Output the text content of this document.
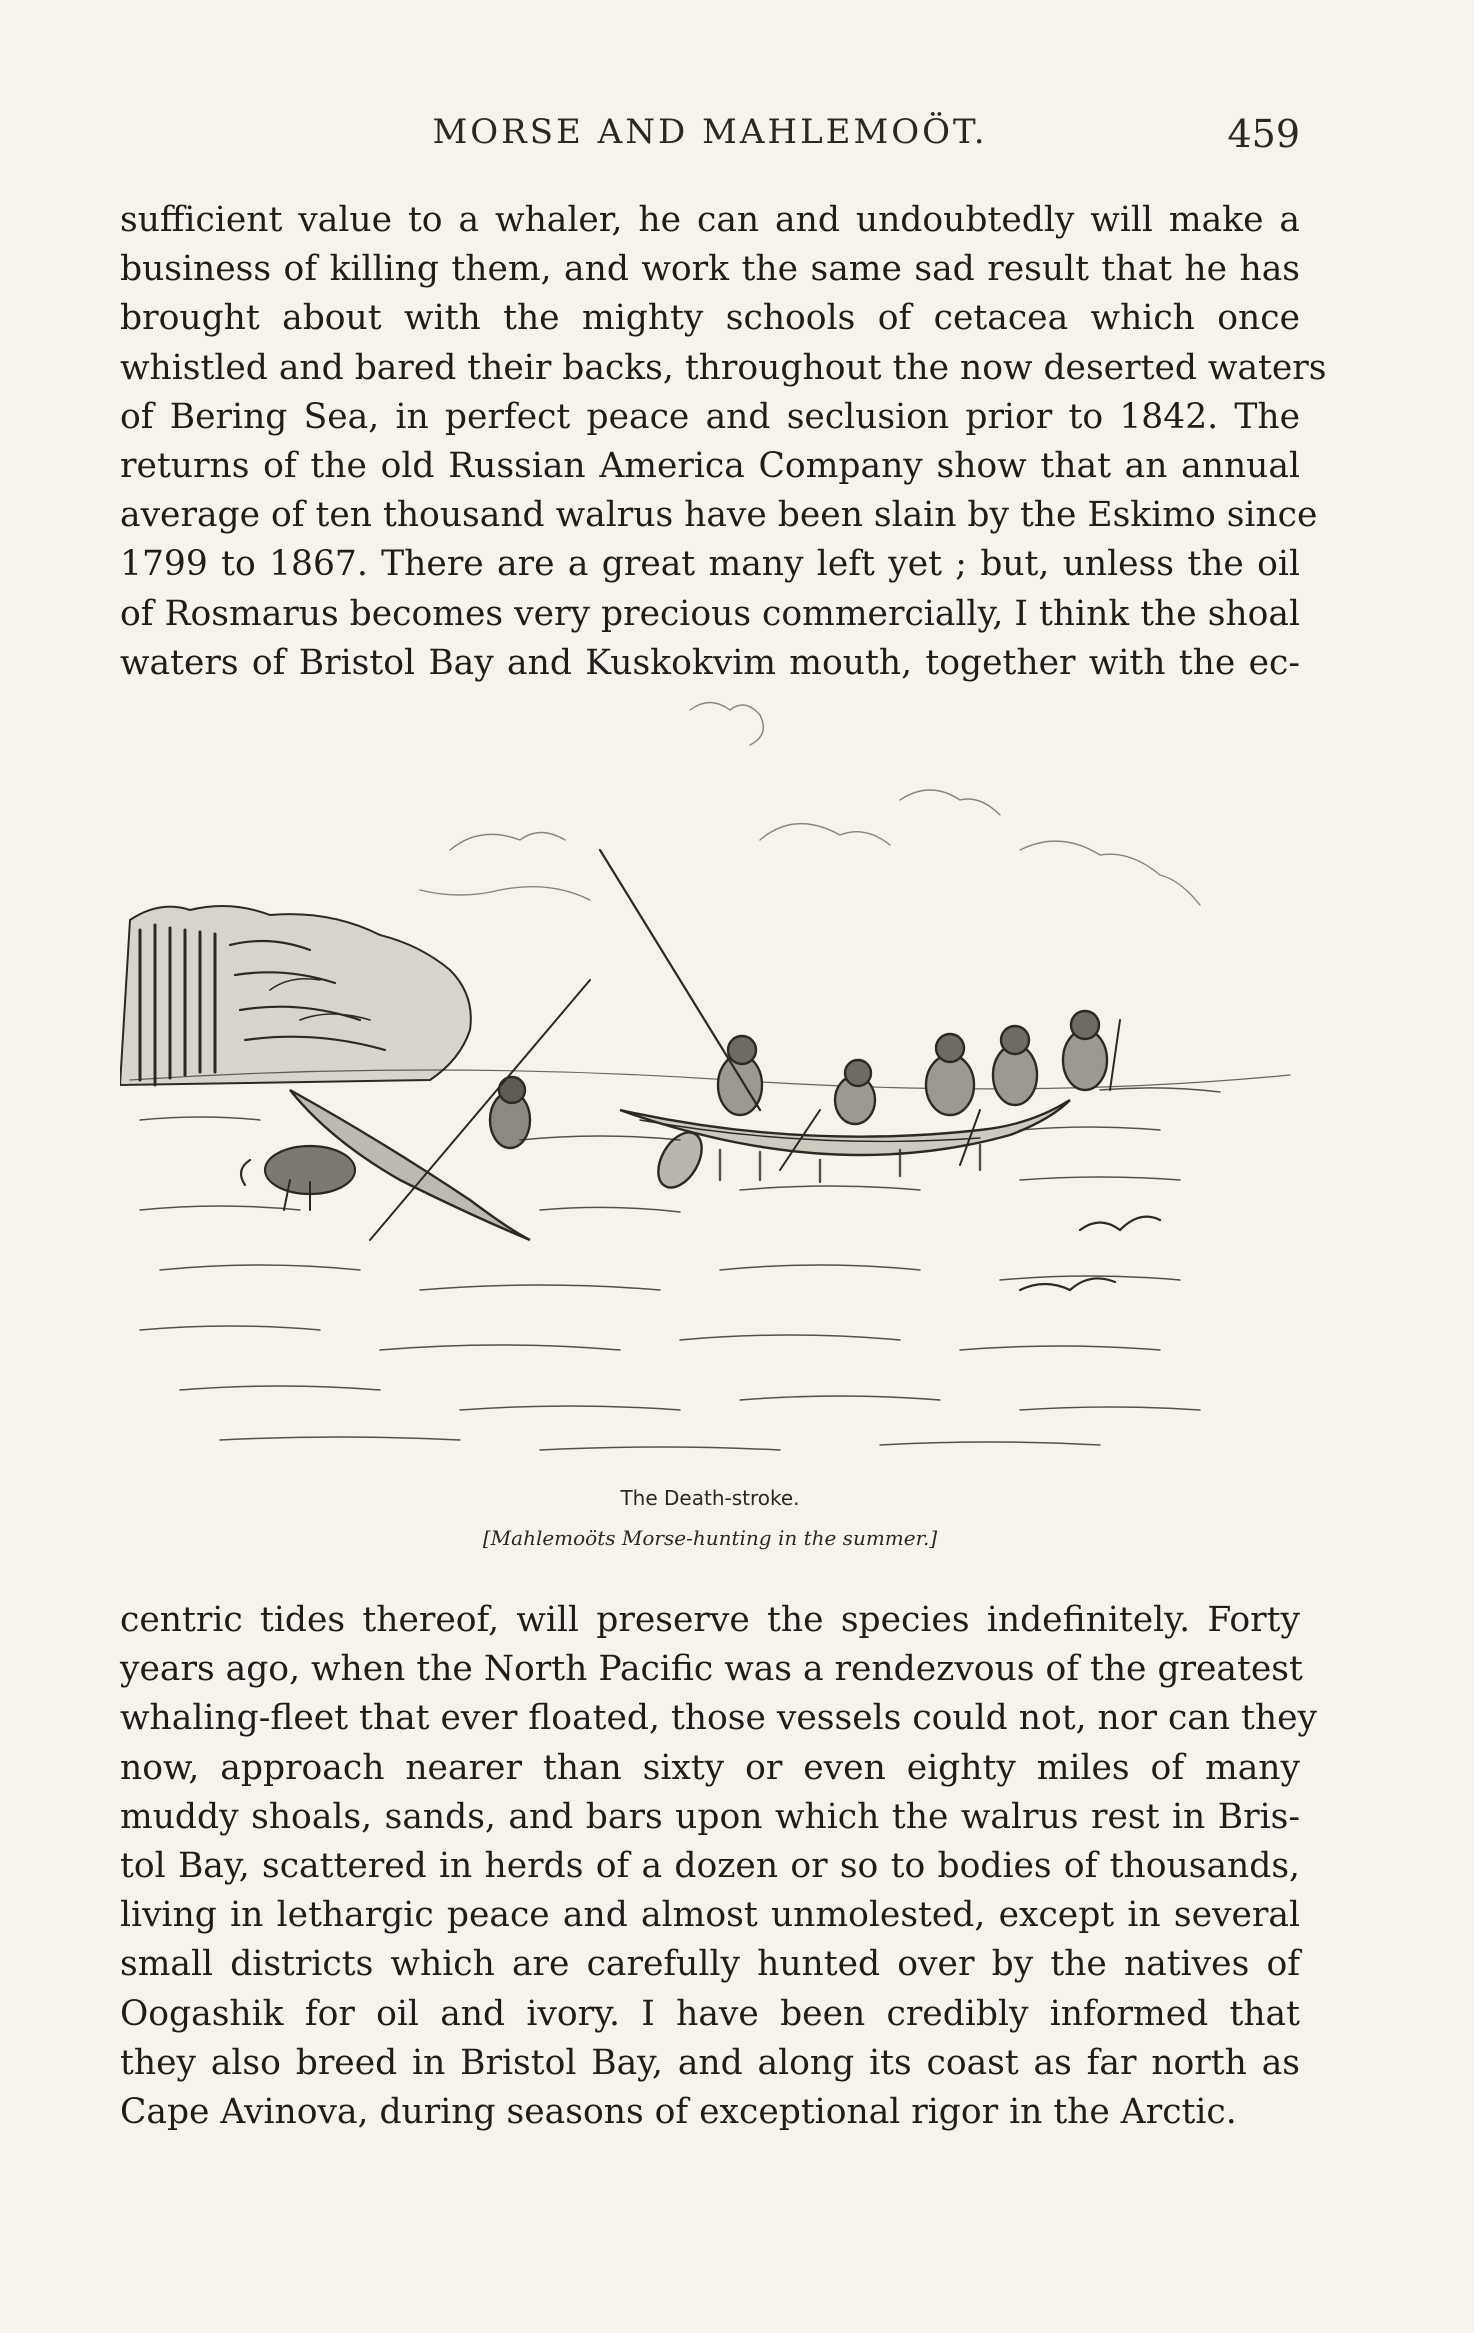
MORSE AND MAHLEMOÖT.	459

sufficient value to a whaler, he can and undoubtedly will make a
business of killing them, and work the same sad result that he has
brought about with the mighty schools of cetacea which once
whistled and bared their backs, throughout the now deserted waters
of Bering Sea, in perfect peace and seclusion prior to 1842. The
returns of the old Russian America Company show that an annual
average of ten thousand walrus have been slain by the Eskimo since
1799 to 1867. There are a great many left yet ; but, unless the oil
of Rosmarus becomes very precious commercially, I think the shoal
waters of Bristol Bay and Kuskokvim mouth, together with the ec-

The Death-stroke.
[Mahlemoöts Morse-hunting in the summer.]

centric tides thereof, will preserve the species indefinitely. Forty
years ago, when the North Pacific was a rendezvous of the greatest
whaling-fleet that ever floated, those vessels could not, nor can they
now, approach nearer than sixty or even eighty miles of many
muddy shoals, sands, and bars upon which the walrus rest in Bris-
tol Bay, scattered in herds of a dozen or so to bodies of thousands,
living in lethargic peace and almost unmolested, except in several
small districts which are carefully hunted over by the natives of
Oogashik for oil and ivory. I have been credibly informed that
they also breed in Bristol Bay, and along its coast as far north as
Cape Avinova, during seasons of exceptional rigor in the Arctic.
